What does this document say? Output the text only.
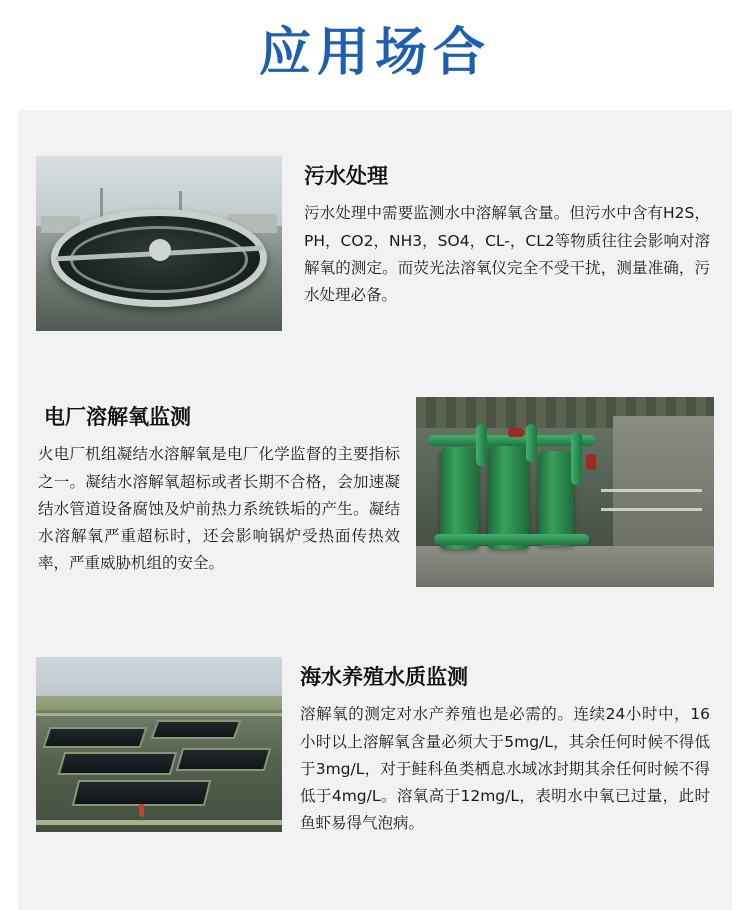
应用场合
污水处理
污水处理中需要监测水中溶解氧含量。但污水中含有H2S，PH，CO2，NH3，SO4，CL-，CL2等物质往往会影响对溶解氧的测定。而荧光法溶氧仪完全不受干扰，测量准确，污水处理必备。
电厂溶解氧监测
火电厂机组凝结水溶解氧是电厂化学监督的主要指标之一。凝结水溶解氧超标或者长期不合格，会加速凝结水管道设备腐蚀及炉前热力系统铁垢的产生。凝结水溶解氧严重超标时，还会影响锅炉受热面传热效率，严重威胁机组的安全。
海水养殖水质监测
溶解氧的测定对水产养殖也是必需的。连续24小时中，16小时以上溶解氧含量必须大于5mg/L，其余任何时候不得低于3mg/L，对于鲑科鱼类栖息水域冰封期其余任何时候不得低于4mg/L。溶氧高于12mg/L，表明水中氧已过量，此时鱼虾易得气泡病。
